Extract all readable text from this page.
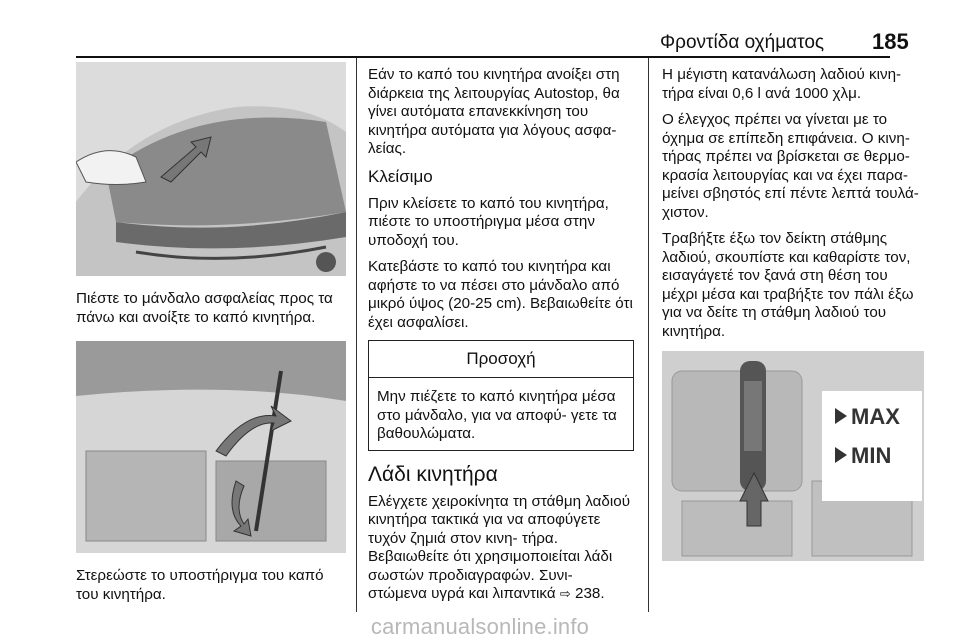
Φροντίδα οχήματος	185

Πιέστε το μάνδαλο ασφαλείας προς τα πάνω και ανοίξτε το καπό κινητήρα.

Στερεώστε το υποστήριγμα του καπό του κινητήρα.

Εάν το καπό του κινητήρα ανοίξει στη διάρκεια της λειτουργίας Autostop, θα γίνει αυτόματα επανεκκίνηση του κινητήρα αυτόματα για λόγους ασφα- λείας.

Κλείσιμο

Πριν κλείσετε το καπό του κινητήρα, πιέστε το υποστήριγμα μέσα στην υποδοχή του.

Κατεβάστε το καπό του κινητήρα και αφήστε το να πέσει στο μάνδαλο από μικρό ύψος (20-25 cm). Βεβαιωθείτε ότι έχει ασφαλίσει.

Προσοχή
Μην πιέζετε το καπό κινητήρα μέσα στο μάνδαλο, για να αποφύ- γετε τα βαθουλώματα.
Λάδι κινητήρα

Ελέγχετε χειροκίνητα τη στάθμη λαδιού κινητήρα τακτικά για να αποφύγετε τυχόν ζημιά στον κινη- τήρα. Βεβαιωθείτε ότι χρησιμοποιείται λάδι σωστών προδιαγραφών. Συνι- στώμενα υγρά και λιπαντικά ⇨ 238.

Η μέγιστη κατανάλωση λαδιού κινη- τήρα είναι 0,6 l ανά 1000 χλμ.

Ο έλεγχος πρέπει να γίνεται με το όχημα σε επίπεδη επιφάνεια. Ο κινη- τήρας πρέπει να βρίσκεται σε θερμο- κρασία λειτουργίας και να έχει παρα- μείνει σβηστός επί πέντε λεπτά τουλά- χιστον.

Τραβήξτε έξω τον δείκτη στάθμης λαδιού, σκουπίστε και καθαρίστε τον, εισαγάγετέ τον ξανά στη θέση του μέχρι μέσα και τραβήξτε τον πάλι έξω για να δείτε τη στάθμη λαδιού του κινητήρα.

MAX
MIN
carmanualsonline.info
